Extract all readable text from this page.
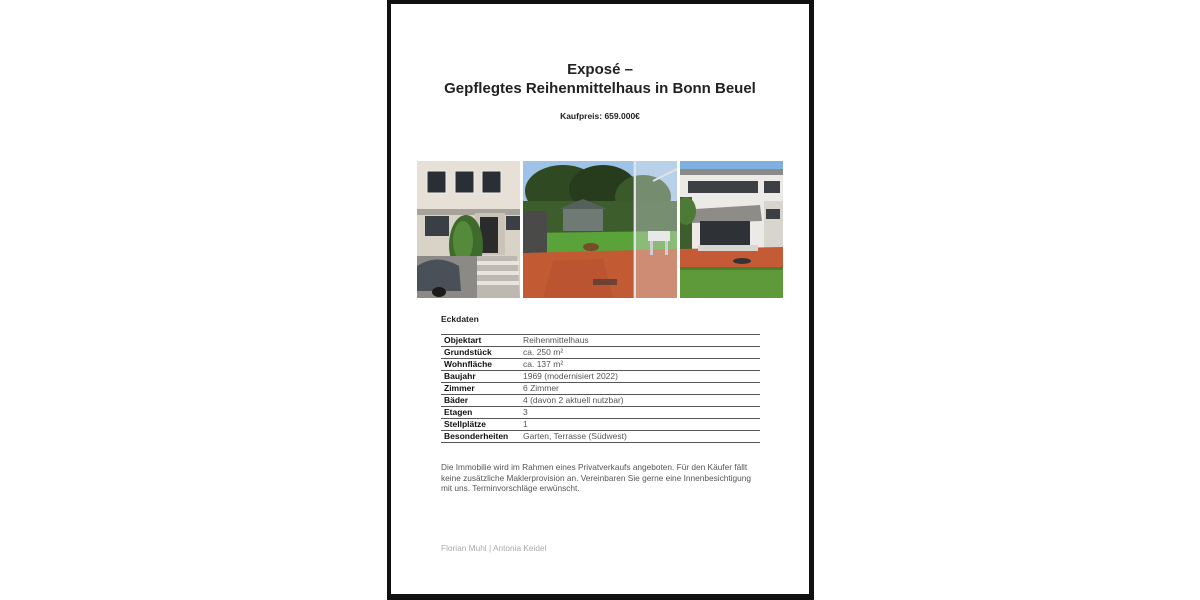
Exposé –
Gepflegtes Reihenmittelhaus in Bonn Beuel
Kaufpreis: 659.000€
Eckdaten
Objektart	Reihenmittelhaus
Grundstück	ca. 250 m²
Wohnfläche	ca. 137 m²
Baujahr	1969 (modernisiert 2022)
Zimmer	6 Zimmer
Bäder	4 (davon 2 aktuell nutzbar)
Etagen	3
Stellplätze	1
Besonderheiten	Garten, Terrasse (Südwest)
Die Immobilie wird im Rahmen eines Privatverkaufs angeboten. Für den Käufer fällt keine zusätzliche Maklerprovision an. Vereinbaren Sie gerne eine Innenbesichtigung mit uns. Terminvorschläge erwünscht.
Florian Muhl | Antonia Keidel
